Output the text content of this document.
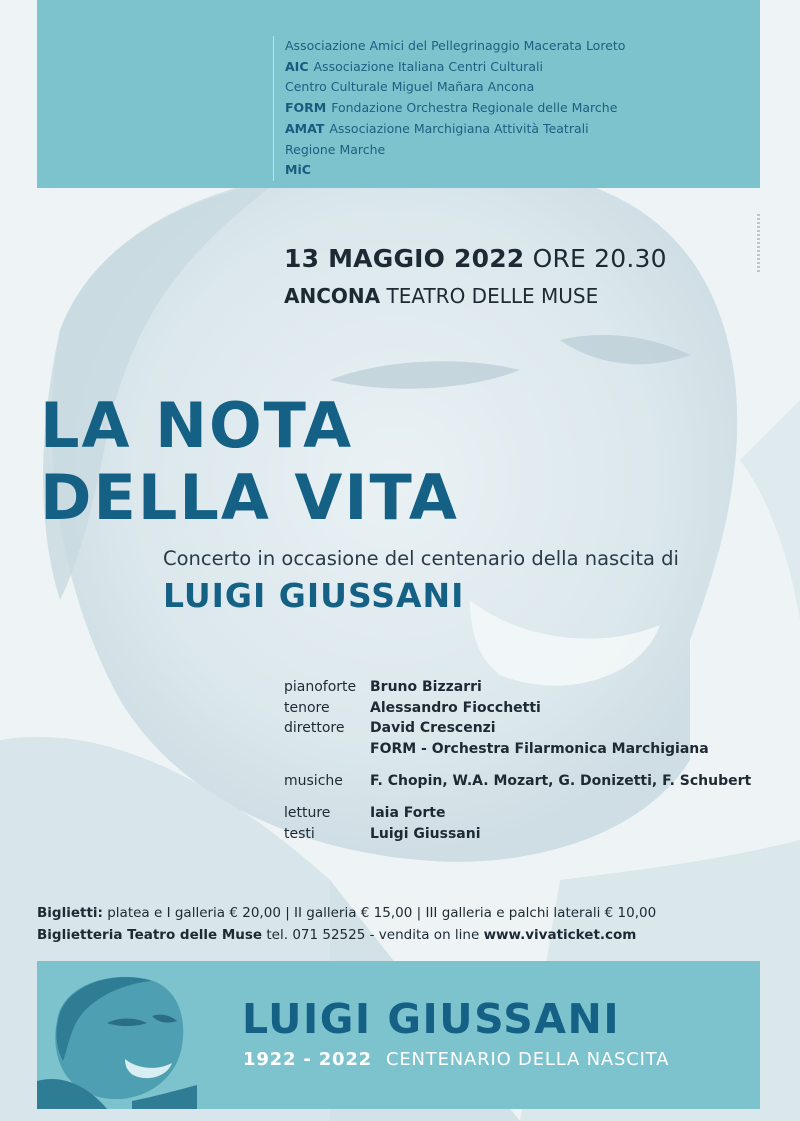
Associazione Amici del Pellegrinaggio Macerata Loreto
AIC Associazione Italiana Centri Culturali
Centro Culturale Miguel Mañara Ancona
FORM Fondazione Orchestra Regionale delle Marche
AMAT Associazione Marchigiana Attività Teatrali
Regione Marche
MiC
13 MAGGIO 2022 ORE 20.30
ANCONA TEATRO DELLE MUSE
LA NOTA
DELLA VITA
Concerto in occasione del centenario della nascita di
LUIGI GIUSSANI
pianoforte Bruno Bizzarri
tenore	Alessandro Fiocchetti
direttore	David Crescenzi
FORM - Orchestra Filarmonica Marchigiana
musiche	F. Chopin, W.A. Mozart, G. Donizetti, F. Schubert
letture	Iaia Forte
testi	Luigi Giussani
Biglietti: platea e I galleria € 20,00 | II galleria € 15,00 | III galleria e palchi laterali € 10,00
Biglietteria Teatro delle Muse tel. 071 52525 - vendita on line www.vivaticket.com
LUIGI GIUSSANI
1922 - 2022 CENTENARIO DELLA NASCITA
